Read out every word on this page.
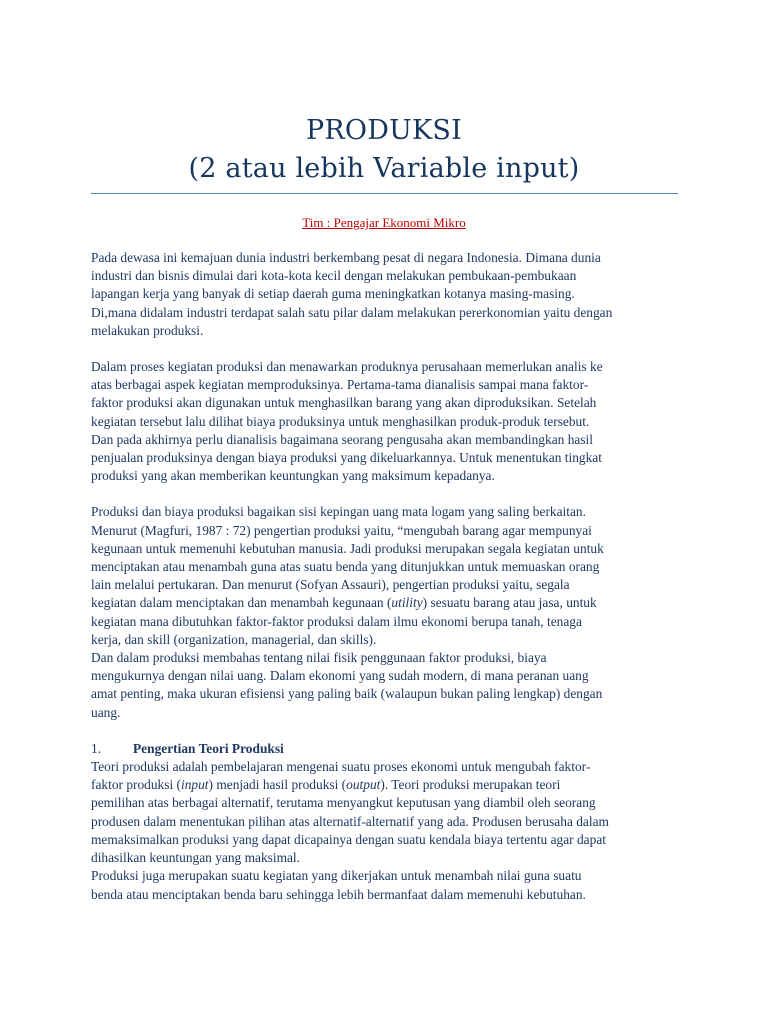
PRODUKSI
(2 atau lebih Variable input)
Tim : Pengajar Ekonomi Mikro

Pada dewasa ini kemajuan dunia industri berkembang pesat di negara Indonesia. Dimana dunia

industri dan bisnis dimulai dari kota-kota kecil dengan melakukan pembukaan-pembukaan

lapangan kerja yang banyak di setiap daerah guma meningkatkan kotanya masing-masing.

Di,mana didalam industri terdapat salah satu pilar dalam melakukan pererkonomian yaitu dengan

melakukan produksi.

Dalam proses kegiatan produksi dan menawarkan produknya perusahaan memerlukan analis ke

atas berbagai aspek kegiatan memproduksinya. Pertama-tama dianalisis sampai mana faktor-

faktor produksi akan digunakan untuk menghasilkan barang yang akan diproduksikan. Setelah

kegiatan tersebut lalu dilihat biaya produksinya untuk menghasilkan produk-produk tersebut.

Dan pada akhirnya perlu dianalisis bagaimana seorang pengusaha akan membandingkan hasil

penjualan produksinya dengan biaya produksi yang dikeluarkannya. Untuk menentukan tingkat

produksi yang akan memberikan keuntungkan yang maksimum kepadanya.

Produksi dan biaya produksi bagaikan sisi kepingan uang mata logam yang saling berkaitan.

Menurut (Magfuri, 1987 : 72) pengertian produksi yaitu, “mengubah barang agar mempunyai

kegunaan untuk memenuhi kebutuhan manusia. Jadi produksi merupakan segala kegiatan untuk

menciptakan atau menambah guna atas suatu benda yang ditunjukkan untuk memuaskan orang

lain melalui pertukaran. Dan menurut (Sofyan Assauri), pengertian produksi yaitu, segala

kegiatan dalam menciptakan dan menambah kegunaan (utility) sesuatu barang atau jasa, untuk

kegiatan mana dibutuhkan faktor-faktor produksi dalam ilmu ekonomi berupa tanah, tenaga

kerja, dan skill (organization, managerial, dan skills).

Dan dalam produksi membahas tentang nilai fisik penggunaan faktor produksi, biaya

mengukurnya dengan nilai uang. Dalam ekonomi yang sudah modern, di mana peranan uang

amat penting, maka ukuran efisiensi yang paling baik (walaupun bukan paling lengkap) dengan

uang.

1. Pengertian Teori Produksi

Teori produksi adalah pembelajaran mengenai suatu proses ekonomi untuk mengubah faktor-

faktor produksi (input) menjadi hasil produksi (output). Teori produksi merupakan teori

pemilihan atas berbagai alternatif, terutama menyangkut keputusan yang diambil oleh seorang

produsen dalam menentukan pilihan atas alternatif-alternatif yang ada. Produsen berusaha dalam

memaksimalkan produksi yang dapat dicapainya dengan suatu kendala biaya tertentu agar dapat

dihasilkan keuntungan yang maksimal.

Produksi juga merupakan suatu kegiatan yang dikerjakan untuk menambah nilai guna suatu

benda atau menciptakan benda baru sehingga lebih bermanfaat dalam memenuhi kebutuhan.
